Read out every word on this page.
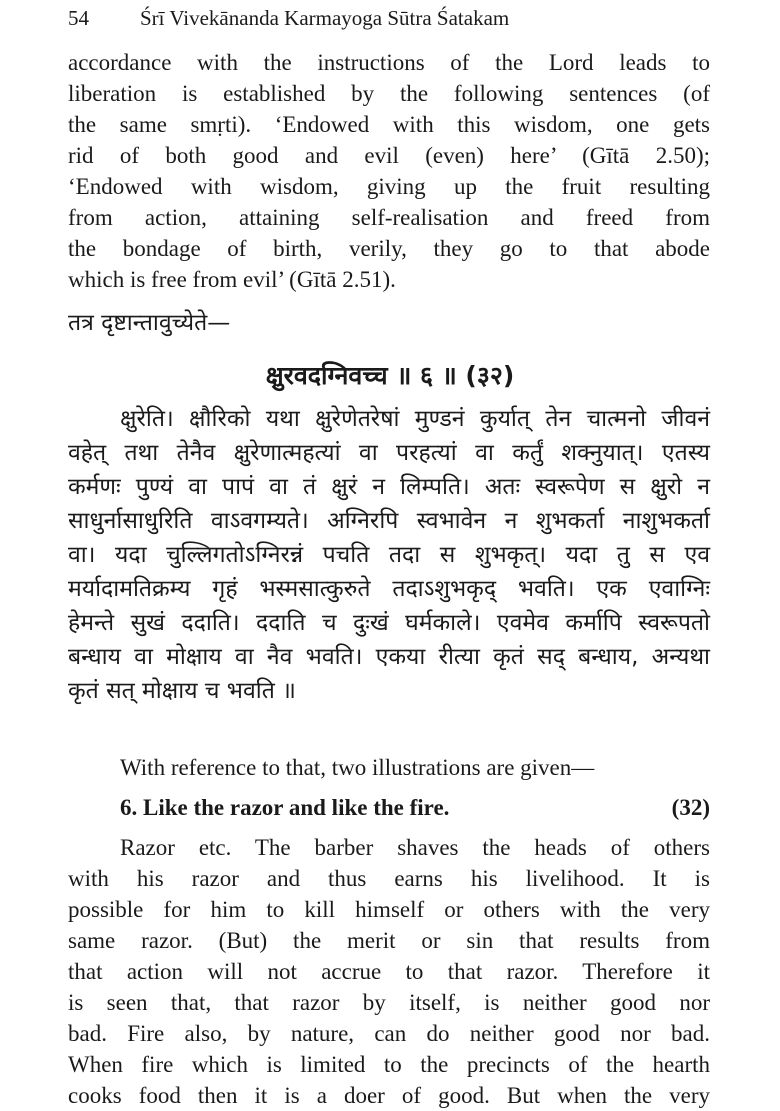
54 Śrī Vivekānanda Karmayoga Sūtra Śatakam
accordance with the instructions of the Lord leads to
liberation is established by the following sentences (of
the same smṛti). ‘Endowed with this wisdom, one gets
rid of both good and evil (even) here’ (Gītā 2.50);
‘Endowed with wisdom, giving up the fruit resulting
from action, attaining self-realisation and freed from
the bondage of birth, verily, they go to that abode
which is free from evil’ (Gītā 2.51).
तत्र दृष्टान्तावुच्येते—
क्षुरवदग्निवच्च ॥ ६ ॥ (३२)
क्षुरेति। क्षौरिको यथा क्षुरेणेतरेषां मुण्डनं कुर्यात् तेन चात्मनो जीवनं
वहेत् तथा तेनैव क्षुरेणात्महत्यां वा परहत्यां वा कर्तुं शक्नुयात्। एतस्य
कर्मणः पुण्यं वा पापं वा तं क्षुरं न लिम्पति। अतः स्वरूपेण स क्षुरो न
साधुर्नासाधुरिति वाऽवगम्यते। अग्निरपि स्वभावेन न शुभकर्ता नाशुभकर्ता
वा। यदा चुल्लिगतोऽग्निरन्नं पचति तदा स शुभकृत्। यदा तु स एव
मर्यादामतिक्रम्य गृहं भस्मसात्कुरुते तदाऽशुभकृद् भवति। एक एवाग्निः
हेमन्ते सुखं ददाति। ददाति च दुःखं घर्मकाले। एवमेव कर्मापि स्वरूपतो
बन्धाय वा मोक्षाय वा नैव भवति। एकया रीत्या कृतं सद् बन्धाय, अन्यथा
कृतं सत् मोक्षाय च भवति ॥
With reference to that, two illustrations are given—
6. Like the razor and like the fire.	(32)
Razor etc. The barber shaves the heads of others
with his razor and thus earns his livelihood. It is
possible for him to kill himself or others with the very
same razor. (But) the merit or sin that results from
that action will not accrue to that razor. Therefore it
is seen that, that razor by itself, is neither good nor
bad. Fire also, by nature, can do neither good nor bad.
When fire which is limited to the precincts of the hearth
cooks food then it is a doer of good. But when the very
